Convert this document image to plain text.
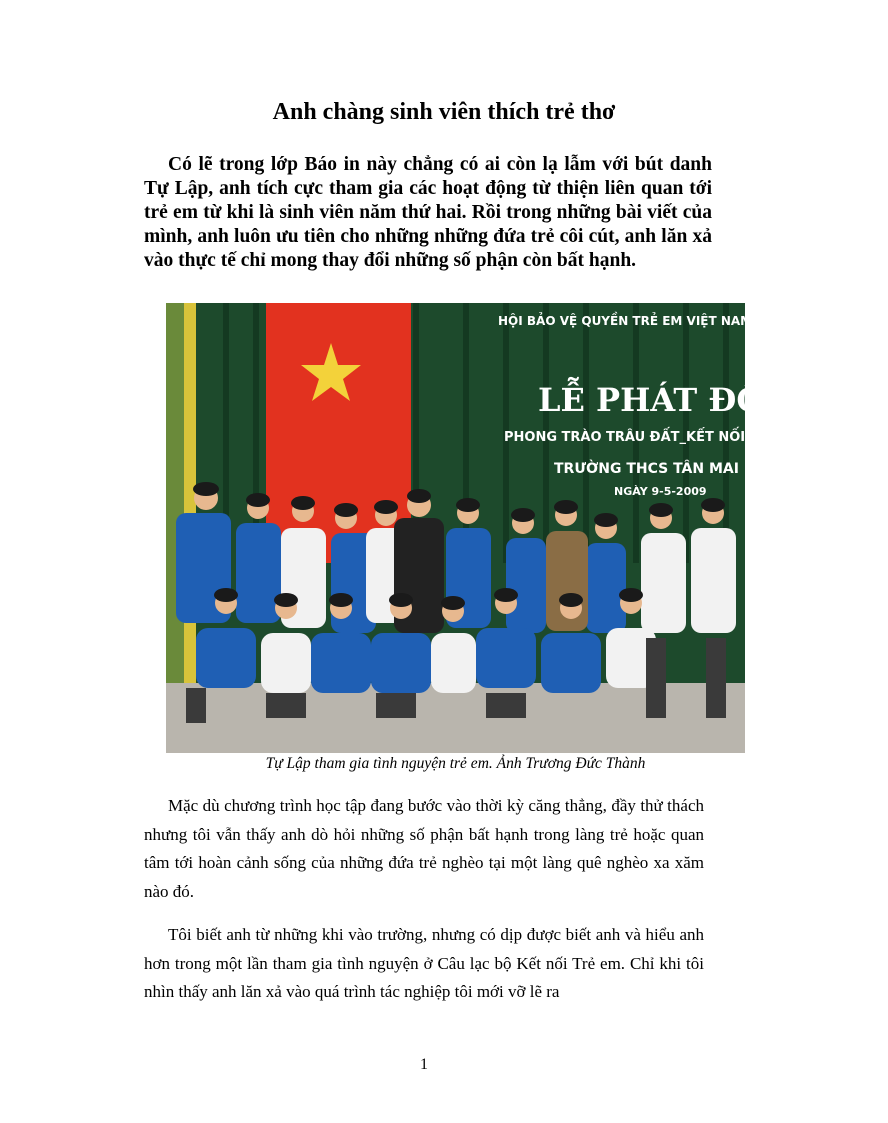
Anh chàng sinh viên thích trẻ thơ

Có lẽ trong lớp Báo in này chẳng có ai còn lạ lẫm với bút danh Tự Lập, anh tích cực tham gia các hoạt động từ thiện liên quan tới trẻ em từ khi là sinh viên năm thứ hai. Rồi trong những bài viết của mình, anh luôn ưu tiên cho những những đứa trẻ côi cút, anh lăn xả vào thực tế chỉ mong thay đổi những số phận còn bất hạnh.

HỘI BẢO VỆ QUYỀN TRẺ EM VIỆT NAM
LỄ PHÁT ĐỘNG
PHONG TRÀO TRÂU ĐẤT_KẾT NỐI YÊU THƯƠNG
TRƯỜNG THCS TÂN MAI
NGÀY 9-5-2009
Tự Lập tham gia tình nguyện trẻ em. Ảnh Trương Đức Thành

Mặc dù chương trình học tập đang bước vào thời kỳ căng thẳng, đầy thử thách nhưng tôi vẫn thấy anh dò hỏi những số phận bất hạnh trong làng trẻ hoặc quan tâm tới hoàn cảnh sống của những đứa trẻ nghèo tại một làng quê nghèo xa xăm nào đó.

Tôi biết anh từ những khi vào trường, nhưng có dịp được biết anh và hiểu anh hơn trong một lần tham gia tình nguyện ở Câu lạc bộ Kết nối Trẻ em. Chỉ khi tôi nhìn thấy anh lăn xả vào quá trình tác nghiệp tôi mới vỡ lẽ ra

1
